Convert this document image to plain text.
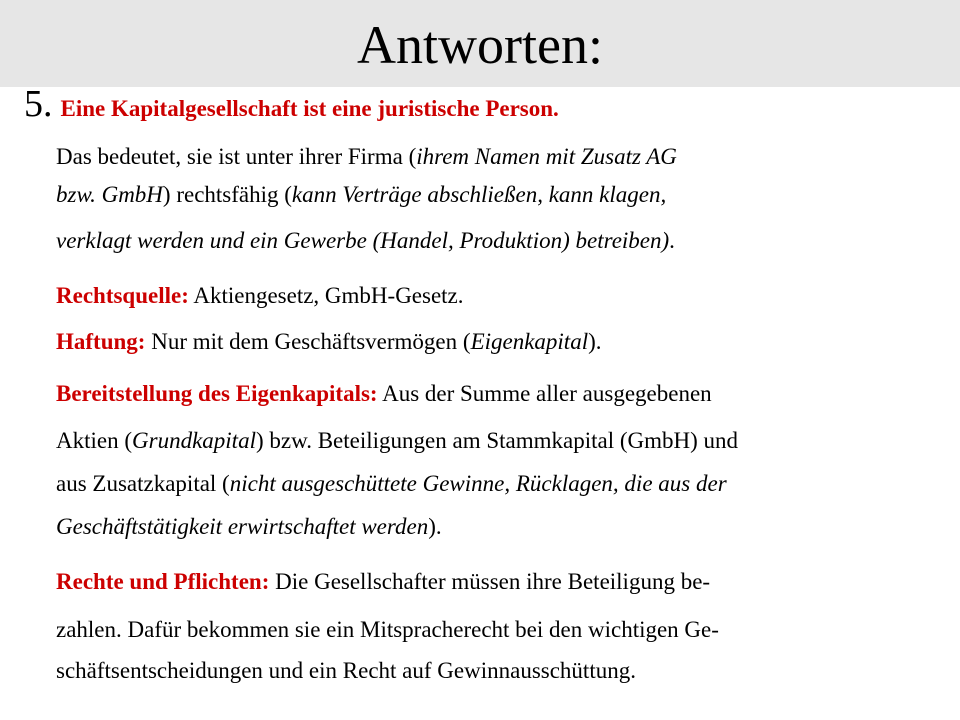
Antworten:
5. Eine Kapitalgesellschaft ist eine juristische Person.
Das bedeutet, sie ist unter ihrer Firma (ihrem Namen mit Zusatz AG
bzw. GmbH) rechtsfähig (kann Verträge abschließen, kann klagen,
verklagt werden und ein Gewerbe (Handel, Produktion) betreiben).
Rechtsquelle: Aktiengesetz, GmbH-Gesetz.
Haftung: Nur mit dem Geschäftsvermögen (Eigenkapital).
Bereitstellung des Eigenkapitals: Aus der Summe aller ausgegebenen
Aktien (Grundkapital) bzw. Beteiligungen am Stammkapital (GmbH) und
aus Zusatzkapital (nicht ausgeschüttete Gewinne, Rücklagen, die aus der
Geschäftstätigkeit erwirtschaftet werden).
Rechte und Pflichten: Die Gesellschafter müssen ihre Beteiligung be-
zahlen. Dafür bekommen sie ein Mitspracherecht bei den wichtigen Ge-
schäftsentscheidungen und ein Recht auf Gewinnausschüttung.
